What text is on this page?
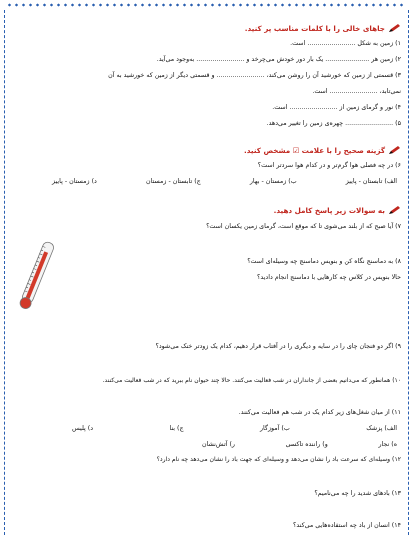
جاهای خالی را با کلمات مناسب پر کنید.
۱) زمین به شکل ........................ است.
۲) زمین هر ...................... یک بار دور خودش می‌چرخد و ........................ به‌وجود می‌آید.
۳) قسمتی از زمین که خورشید آن را روشن می‌کند، ........................ و قسمتی دیگر از زمین که خورشید به آن
نمی‌تابد، ........................ است.
۴) نور و گرمای زمین از ........................ است.
۵) ........................ چهره‌ی زمین را تغییر می‌دهد.
گزینه صحیح را با علامت ☑ مشخص کنید.
۶) در چه فصلی هوا گرم‌تر و در کدام هوا سردتر است؟
الف) تابستان - پاییز
ب) زمستان - بهار
ج) تابستان - زمستان
د) زمستان - پاییز
به سوالات زیر پاسخ کامل دهید.
۷) آیا صبح که از بلند می‌شوی تا که موقع است، گرمای زمین یکسان است؟
۸) به دماسنج نگاه کن و بنویس دماسنج چه وسیله‌ای است؟
حالا بنویس در کلاس چه کارهایی با دماسنج انجام دادید؟
۹) اگر دو فنجان چای را در سایه و دیگری را در آفتاب قرار دهیم، کدام یک زودتر خنک می‌شود؟
۱۰) همانطور که می‌دانیم بعضی از جانداران در شب فعالیت می‌کنند. حالا چند حیوان نام ببرید که در شب فعالیت می‌کنند.
۱۱) از میان شغل‌های زیر کدام یک در شب هم فعالیت می‌کنند.
الف) پزشک
ب) آموزگار
ج) بنا
د) پلیس
ه) نجار
و) راننده تاکسی
ر) آتش‌نشان
۱۲) وسیله‌ای که سرعت باد را نشان می‌دهد و وسیله‌ای که جهت باد را نشان می‌دهد چه نام دارد؟
۱۳) بادهای شدید را چه می‌نامیم؟
۱۴) انسان از باد چه استفاده‌هایی می‌کند؟
